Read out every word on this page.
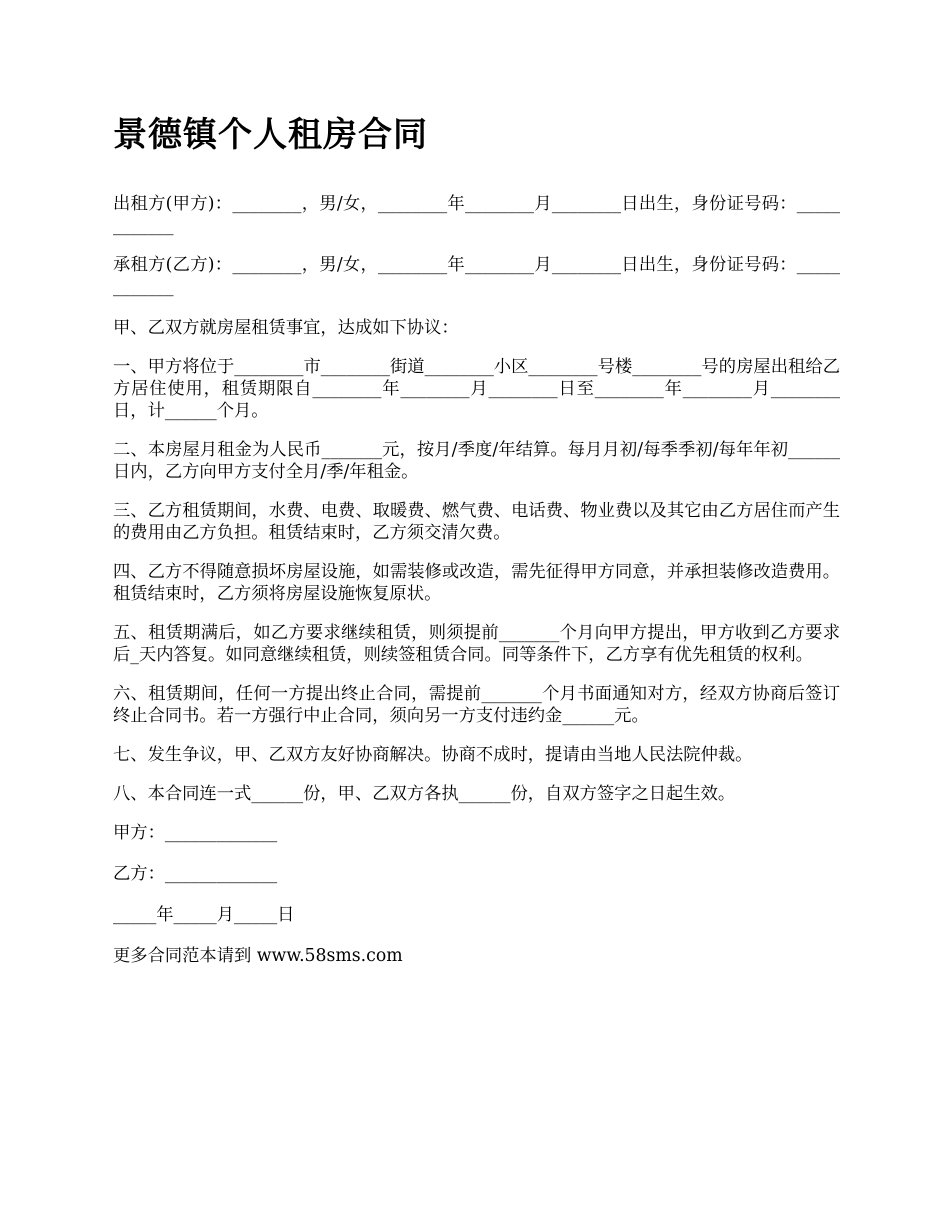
景德镇个人租房合同

出租方(甲方)：________，男/女，________年________月________日出生，身份证号码：____________

承租方(乙方)：________，男/女，________年________月________日出生，身份证号码：____________

甲、乙双方就房屋租赁事宜，达成如下协议：

一、甲方将位于________市________街道________小区________号楼________号的房屋出租给乙方居住使用，租赁期限自________年________月________日至________年________月________日，计______个月。

二、本房屋月租金为人民币_______元，按月/季度/年结算。每月月初/每季季初/每年年初______日内，乙方向甲方支付全月/季/年租金。

三、乙方租赁期间，水费、电费、取暖费、燃气费、电话费、物业费以及其它由乙方居住而产生的费用由乙方负担。租赁结束时，乙方须交清欠费。

四、乙方不得随意损坏房屋设施，如需装修或改造，需先征得甲方同意，并承担装修改造费用。租赁结束时，乙方须将房屋设施恢复原状。

五、租赁期满后，如乙方要求继续租赁，则须提前_______个月向甲方提出，甲方收到乙方要求后_天内答复。如同意继续租赁，则续签租赁合同。同等条件下，乙方享有优先租赁的权利。

六、租赁期间，任何一方提出终止合同，需提前_______个月书面通知对方，经双方协商后签订终止合同书。若一方强行中止合同，须向另一方支付违约金______元。

七、发生争议，甲、乙双方友好协商解决。协商不成时，提请由当地人民法院仲裁。

八、本合同连一式______份，甲、乙双方各执______份，自双方签字之日起生效。

甲方：_____________

乙方：_____________

_____年_____月_____日

更多合同范本请到 www.58sms.com
